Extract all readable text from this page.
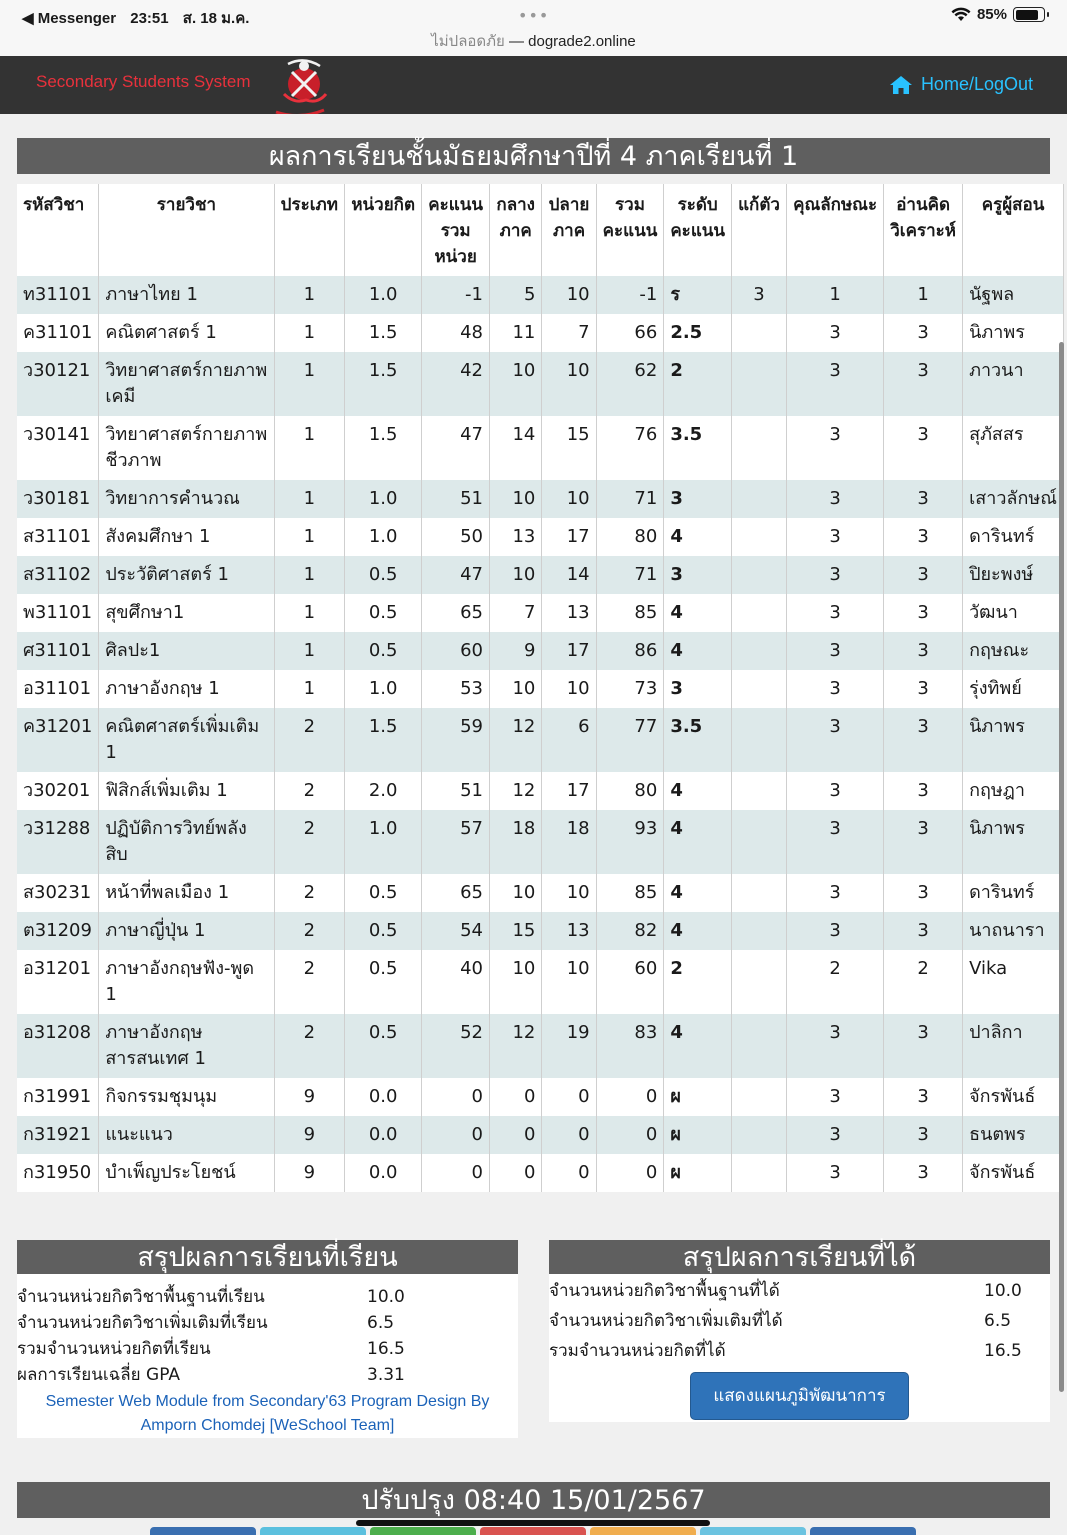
◀ Messenger 23:51 ส. 18 ม.ค.	•••
ไม่ปลอดภัย — dograde2.online
85%
Secondary Students System	Home/LogOut
ผลการเรียนชั้นมัธยมศึกษาปีที่ 4 ภาคเรียนที่ 1
รหัสวิชา	รายวิชา	ประเภท	หน่วยกิต	คะแนน รวม หน่วย	กลาง ภาค	ปลาย ภาค	รวม คะแนน	ระดับ คะแนน	แก้ตัว	คุณลักษณะ	อ่านคิด วิเคราะห์	ครูผู้สอน
ท31101	ภาษาไทย 1	1	1.0	-1	5	10	-1	ร	3	1	1	นัฐพล
ค31101	คณิตศาสตร์ 1	1	1.5	48	11	7	66	2.5		3	3	นิภาพร
ว30121	วิทยาศาสตร์กายภาพ เคมี	1	1.5	42	10	10	62	2		3	3	ภาวนา
ว30141	วิทยาศาสตร์กายภาพ ชีวภาพ	1	1.5	47	14	15	76	3.5		3	3	สุภัสสร
ว30181	วิทยาการคำนวณ	1	1.0	51	10	10	71	3		3	3	เสาวลักษณ์
ส31101	สังคมศึกษา 1	1	1.0	50	13	17	80	4		3	3	ดารินทร์
ส31102	ประวัติศาสตร์ 1	1	0.5	47	10	14	71	3		3	3	ปิยะพงษ์
พ31101	สุขศึกษา1	1	0.5	65	7	13	85	4		3	3	วัฒนา
ศ31101	ศิลปะ1	1	0.5	60	9	17	86	4		3	3	กฤษณะ
อ31101	ภาษาอังกฤษ 1	1	1.0	53	10	10	73	3		3	3	รุ่งทิพย์
ค31201	คณิตศาสตร์เพิ่มเติม 1	2	1.5	59	12	6	77	3.5		3	3	นิภาพร
ว30201	ฟิสิกส์เพิ่มเติม 1	2	2.0	51	12	17	80	4		3	3	กฤษฎา
ว31288	ปฏิบัติการวิทย์พลัง สิบ	2	1.0	57	18	18	93	4		3	3	นิภาพร
ส30231	หน้าที่พลเมือง 1	2	0.5	65	10	10	85	4		3	3	ดารินทร์
ต31209	ภาษาญี่ปุ่น 1	2	0.5	54	15	13	82	4		3	3	นาถนารา
อ31201	ภาษาอังกฤษฟัง-พูด 1	2	0.5	40	10	10	60	2		2	2	Vika
อ31208	ภาษาอังกฤษ สารสนเทศ 1	2	0.5	52	12	19	83	4		3	3	ปาลิกา
ก31991	กิจกรรมชุมนุม	9	0.0	0	0	0	0	ผ		3	3	จักรพันธ์
ก31921	แนะแนว	9	0.0	0	0	0	0	ผ		3	3	ธนตพร
ก31950	บำเพ็ญประโยชน์	9	0.0	0	0	0	0	ผ		3	3	จักรพันธ์
สรุปผลการเรียนที่เรียน
จำนวนหน่วยกิตวิชาพื้นฐานที่เรียน	10.0
จำนวนหน่วยกิตวิชาเพิ่มเติมที่เรียน	6.5
รวมจำนวนหน่วยกิตที่เรียน	16.5
ผลการเรียนเฉลี่ย GPA	3.31
Semester Web Module from Secondary'63 Program Design By
Amporn Chomdej [WeSchool Team]
สรุปผลการเรียนที่ได้
จำนวนหน่วยกิตวิชาพื้นฐานที่ได้	10.0
จำนวนหน่วยกิตวิชาเพิ่มเติมที่ได้	6.5
รวมจำนวนหน่วยกิตที่ได้	16.5
แสดงแผนภูมิพัฒนาการ
ปรับปรุง 08:40 15/01/2567
